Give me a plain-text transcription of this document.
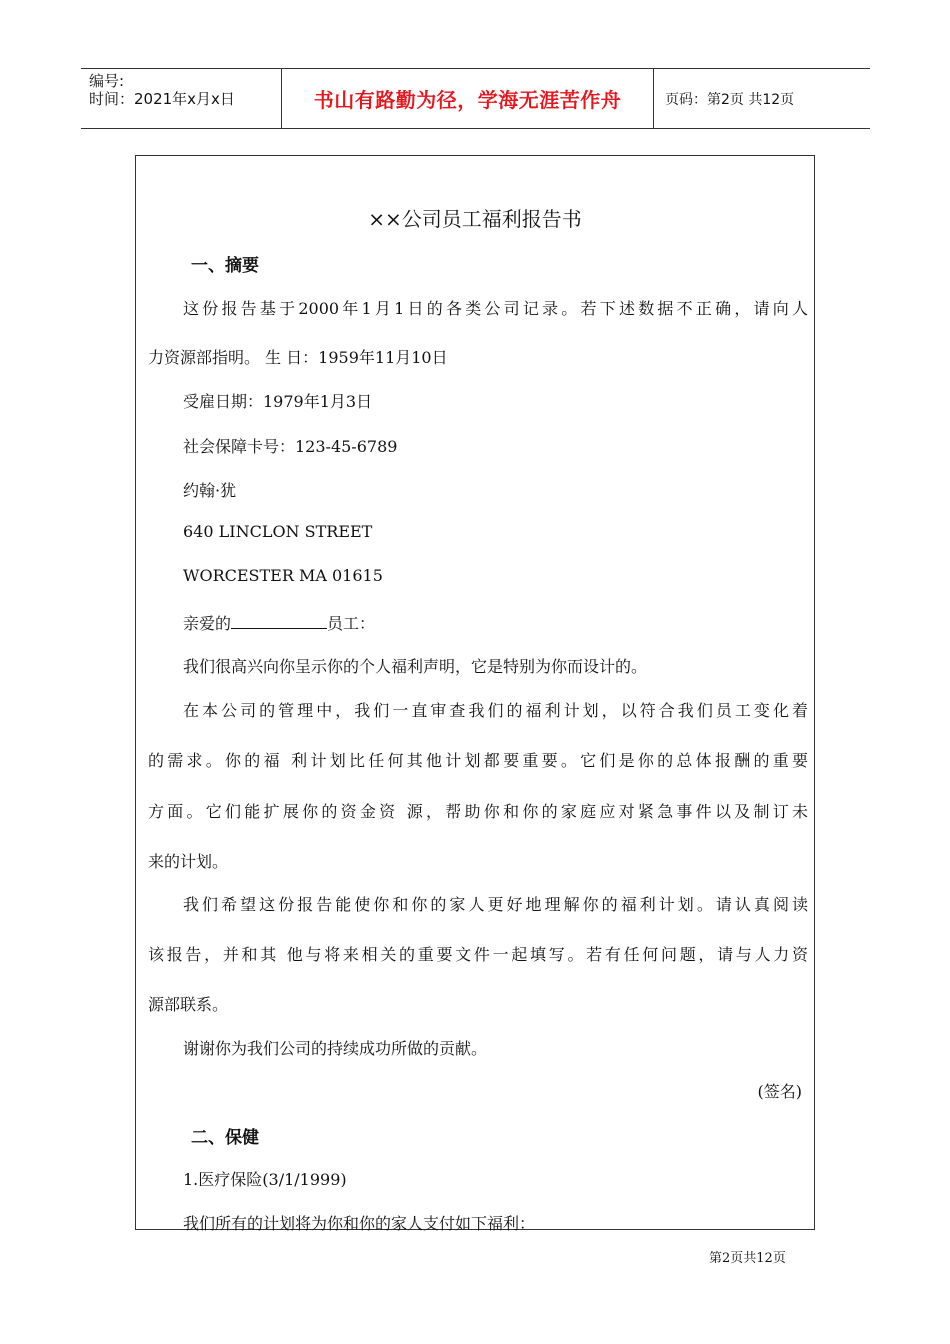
编号:
时间：2021年x月x日	书山有路勤为径，学海无涯苦作舟	页码：第2页 共12页
××公司员工福利报告书
一、摘要
这份报告基于2000年1月1日的各类公司记录。若下述数据不正确，请向人
力资源部指明。 生 日：1959年11月10日
受雇日期：1979年1月3日
社会保障卡号：123-45-6789
约翰·犹
640 LINCLON STREET
WORCESTER MA 01615
亲爱的	员工：
我们很高兴向你呈示你的个人福利声明，它是特别为你而设计的。
在本公司的管理中，我们一直审查我们的福利计划，以符合我们员工变化着
的需求。你的福 利计划比任何其他计划都要重要。它们是你的总体报酬的重要
方面。它们能扩展你的资金资 源，帮助你和你的家庭应对紧急事件以及制订未
来的计划。
我们希望这份报告能使你和你的家人更好地理解你的福利计划。请认真阅读
该报告，并和其 他与将来相关的重要文件一起填写。若有任何问题，请与人力资
源部联系。
谢谢你为我们公司的持续成功所做的贡献。
(签名)
二、保健
1.医疗保险(3/1/1999)
我们所有的计划将为你和你的家人支付如下福利：
第2页共12页
